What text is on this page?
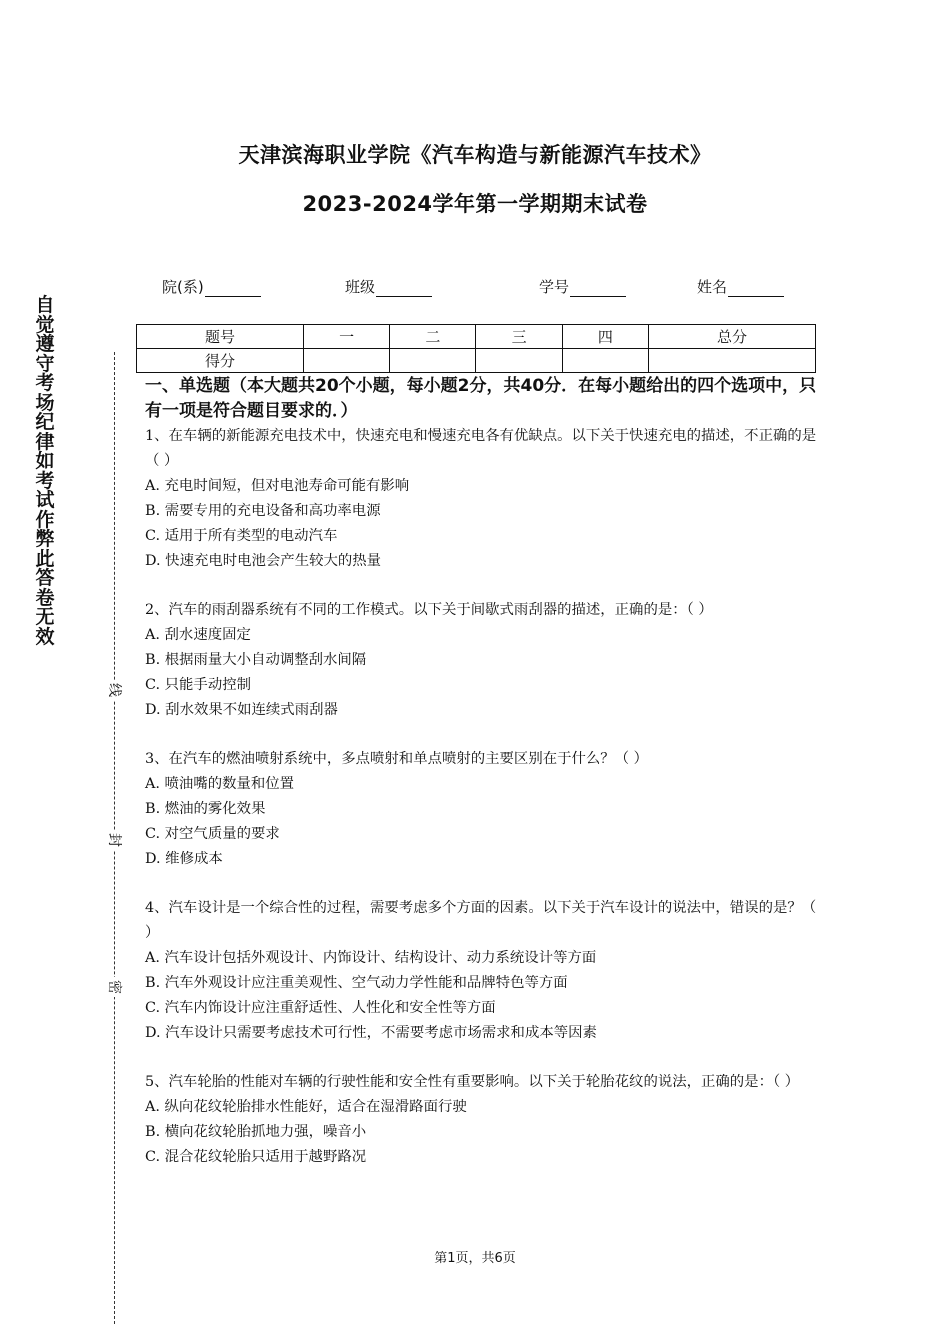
天津滨海职业学院《汽车构造与新能源汽车技术》
2023-2024学年第一学期期末试卷
院(系)	班级	学号	姓名
题号	一	二	三	四	总分
得分					
自觉遵守考场纪律如考试作弊此答卷无效
线
封
密

一、单选题（本大题共20个小题，每小题2分，共40分．在每小题给出的四个选项中，只有一项是符合题目要求的．）

1、在车辆的新能源充电技术中，快速充电和慢速充电各有优缺点。以下关于快速充电的描述，不正确的是（ ）

A. 充电时间短，但对电池寿命可能有影响

B. 需要专用的充电设备和高功率电源

C. 适用于所有类型的电动汽车

D. 快速充电时电池会产生较大的热量

2、汽车的雨刮器系统有不同的工作模式。以下关于间歇式雨刮器的描述，正确的是：（ ）

A. 刮水速度固定

B. 根据雨量大小自动调整刮水间隔

C. 只能手动控制

D. 刮水效果不如连续式雨刮器

3、在汽车的燃油喷射系统中，多点喷射和单点喷射的主要区别在于什么？（ ）

A. 喷油嘴的数量和位置

B. 燃油的雾化效果

C. 对空气质量的要求

D. 维修成本

4、汽车设计是一个综合性的过程，需要考虑多个方面的因素。以下关于汽车设计的说法中，错误的是？（ ）

A. 汽车设计包括外观设计、内饰设计、结构设计、动力系统设计等方面

B. 汽车外观设计应注重美观性、空气动力学性能和品牌特色等方面

C. 汽车内饰设计应注重舒适性、人性化和安全性等方面

D. 汽车设计只需要考虑技术可行性，不需要考虑市场需求和成本等因素

5、汽车轮胎的性能对车辆的行驶性能和安全性有重要影响。以下关于轮胎花纹的说法，正确的是：（ ）

A. 纵向花纹轮胎排水性能好，适合在湿滑路面行驶

B. 横向花纹轮胎抓地力强，噪音小

C. 混合花纹轮胎只适用于越野路况

第1页，共6页
